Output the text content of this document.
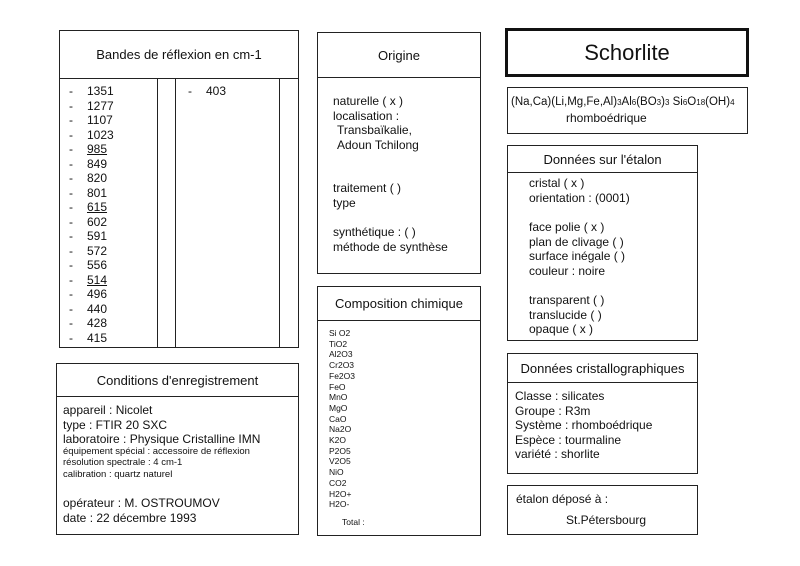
Bandes de réflexion en cm-1
- 1351
- 1277
- 1107
- 1023
- 985
- 849
- 820
- 801
- 615
- 602
- 591
- 572
- 556
- 514
- 496
- 440
- 428
- 415
- 403
Conditions d'enregistrement
appareil : Nicolet
type : FTIR 20 SXC
laboratoire : Physique Cristalline IMN
équipement spécial : accessoire de réflexion
résolution spectrale : 4 cm-1
calibration : quartz naturel
opérateur : M. OSTROUMOV
date : 22 décembre 1993
Origine
naturelle ( x )
localisation :
Transbaïkalie,
Adoun Tchilong
traitement ( )
type
synthétique : ( )
méthode de synthèse
Composition chimique
Si O2
TiO2
Al2O3
Cr2O3
Fe2O3
FeO
MnO
MgO
CaO
Na2O
K2O
P2O5
V2O5
NiO
CO2
H2O+
H2O-
Total :
Schorlite
(Na,Ca)(Li,Mg,Fe,Al)3Al6(BO3)3 Si6O18(OH)4
rhomboédrique
Données sur l'étalon
cristal ( x )
orientation : (0001)
face polie ( x )
plan de clivage ( )
surface inégale ( )
couleur : noire
transparent ( )
translucide ( )
opaque ( x )
Données cristallographiques
Classe : silicates
Groupe : R3m
Système : rhomboédrique
Espèce : tourmaline
variété : shorlite
étalon déposé à :
St.Pétersbourg
